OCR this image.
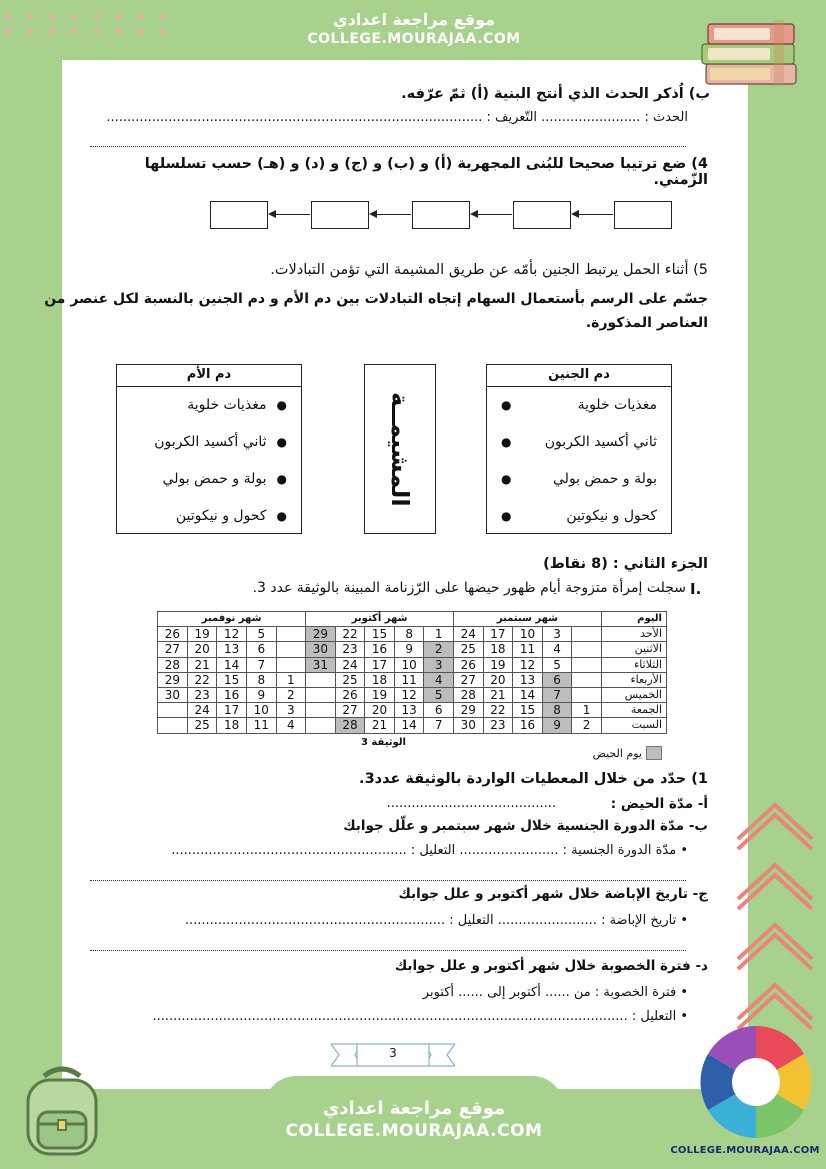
موقع مراجعة اعدادي
COLLEGE.MOURAJAA.COM
ب) اُذكر الحدث الذي أنتج البنية (أ) ثمّ عرّفه.
الحدث : ........................ التّعريف : ...........................................................................................
4) ضع ترتيبا صحيحا للبُنى المجهرية (أ) و (ب) و (ج) و (د) و (هـ) حسب تسلسلها الزّمني.
5) أثناء الحمل يرتبط الجنين بأمّه عن طريق المشيمة التي تؤمن التبادلات.
جسّم على الرسم بأستعمال السهام إتجاه التبادلات بين دم الأم و دم الجنين بالنسبة لكل عنصر من
العناصر المذكورة.
دم الأم
●
مغذيات خلوية
●
ثاني أكسيد الكربون
●
بولة و حمض بولي
●
كحول و نيكوتين
المشيمــة
دم الجنين
مغذيات خلوية
●
ثاني أكسيد الكربون
●
بولة و حمض بولي
●
كحول و نيكوتين
●
الجزء الثاني : (8 نقاط)
I.
سجلت إمرأة متزوجة أيام ظهور حيضها على الرّزنامة المبينة بالوثيقة عدد 3.
اليوم	شهر سبتمبر					شهر أكتوبر					شهر نوفمبر				
الأحد		3	10	17	24	1	8	15	22	29		5	12	19	26
الاثنين		4	11	18	25	2	9	16	23	30		6	13	20	27
الثلاثاء		5	12	19	26	3	10	17	24	31		7	14	21	28
الأربعاء		6	13	20	27	4	11	18	25		1	8	15	22	29
الخميس		7	14	21	28	5	12	19	26		2	9	16	23	30
الجمعة	1	8	15	22	29	6	13	20	27		3	10	17	24	
السبت	2	9	16	23	30	7	14	21	28		4	11	18	25	
الوثيقة 3
يوم الحيض
1) حدّد من خلال المعطيات الواردة بالوثيقة عدد3.
أ- مدّة الحيض :
.........................................
ب- مدّة الدورة الجنسية خلال شهر سبتمبر و علّل جوابك
• مدّة الدورة الجنسية : ........................ التعليل : .........................................................
ج- تاريخ الإباضة خلال شهر أكتوبر و علل جوابك
• تاريخ الإباضة : ........................ التعليل : ...............................................................
د- فترة الخصوبة خلال شهر أكتوبر و علل جوابك
• فترة الخصوبة : من ...... أكتوبر إلى ...... أكتوبر
• التعليل : ...................................................................................................................
3
موقع مراجعة اعدادي
COLLEGE.MOURAJAA.COM
COLLEGE.MOURAJAA.COM
